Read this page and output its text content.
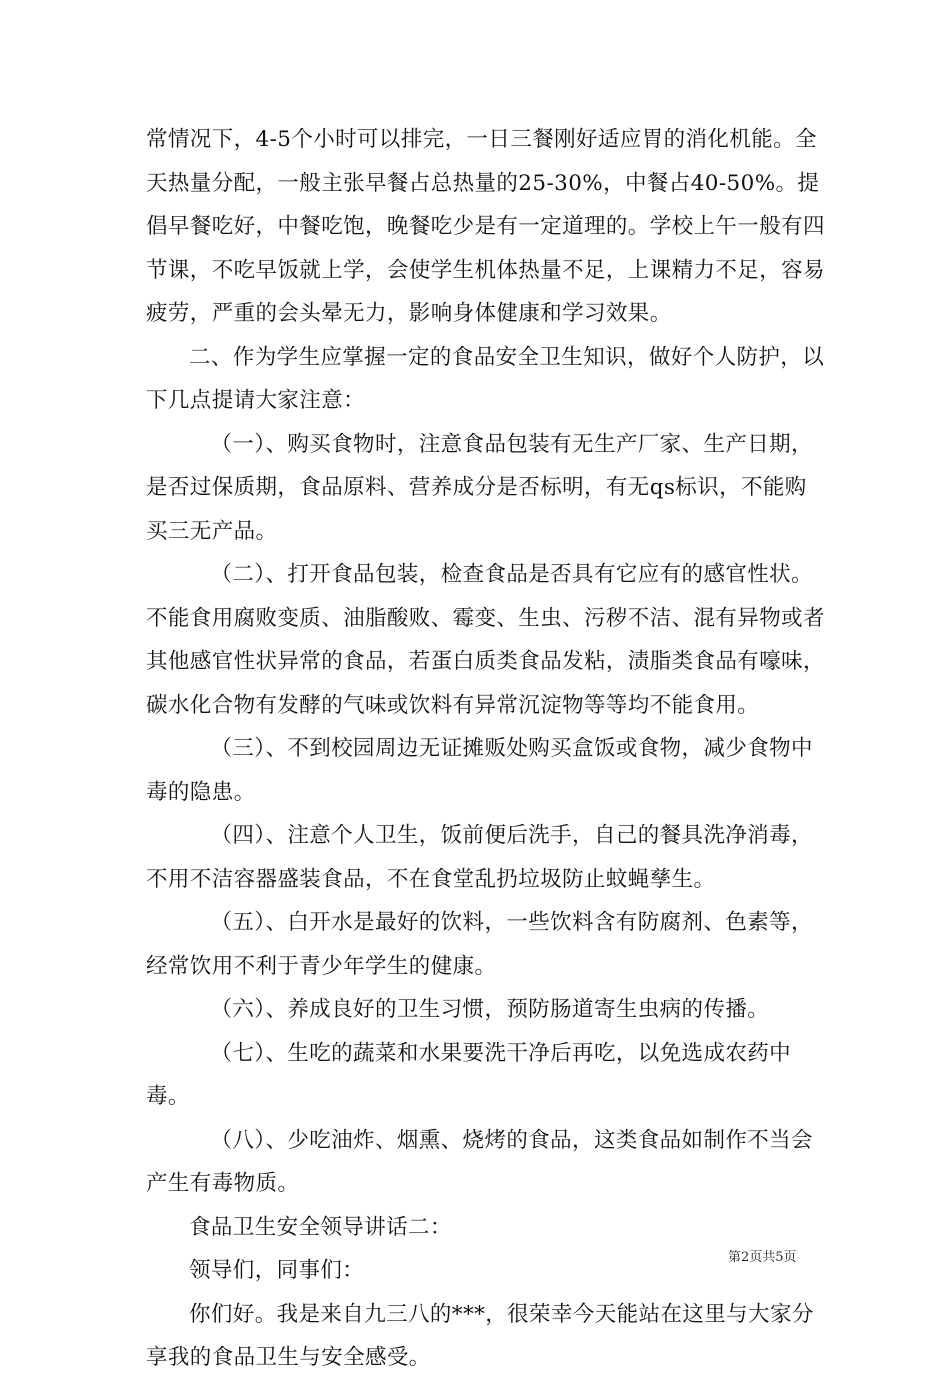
常情况下，4-5个小时可以排完，一日三餐刚好适应胃的消化机能。全天热量分配，一般主张早餐占总热量的25-30%，中餐占40-50%。提倡早餐吃好，中餐吃饱，晚餐吃少是有一定道理的。学校上午一般有四节课，不吃早饭就上学，会使学生机体热量不足，上课精力不足，容易疲劳，严重的会头晕无力，影响身体健康和学习效果。

二、作为学生应掌握一定的食品安全卫生知识，做好个人防护，以下几点提请大家注意：

（一）、购买食物时，注意食品包装有无生产厂家、生产日期，是否过保质期，食品原料、营养成分是否标明，有无qs标识，不能购买三无产品。

（二）、打开食品包装，检查食品是否具有它应有的感官性状。不能食用腐败变质、油脂酸败、霉变、生虫、污秽不洁、混有异物或者其他感官性状异常的食品，若蛋白质类食品发粘，渍脂类食品有嚎味，碳水化合物有发酵的气味或饮料有异常沉淀物等等均不能食用。

（三）、不到校园周边无证摊贩处购买盒饭或食物，减少食物中毒的隐患。

（四）、注意个人卫生，饭前便后洗手，自己的餐具洗净消毒，不用不洁容器盛装食品，不在食堂乱扔垃圾防止蚊蝇孳生。

（五）、白开水是最好的饮料，一些饮料含有防腐剂、色素等，经常饮用不利于青少年学生的健康。

（六）、养成良好的卫生习惯，预防肠道寄生虫病的传播。

（七）、生吃的蔬菜和水果要洗干净后再吃，以免选成农药中毒。

（八）、少吃油炸、烟熏、烧烤的食品，这类食品如制作不当会产生有毒物质。

食品卫生安全领导讲话二：

领导们，同事们：

你们好。我是来自九三八的***，很荣幸今天能站在这里与大家分享我的食品卫生与安全感受。

第2页共5页
